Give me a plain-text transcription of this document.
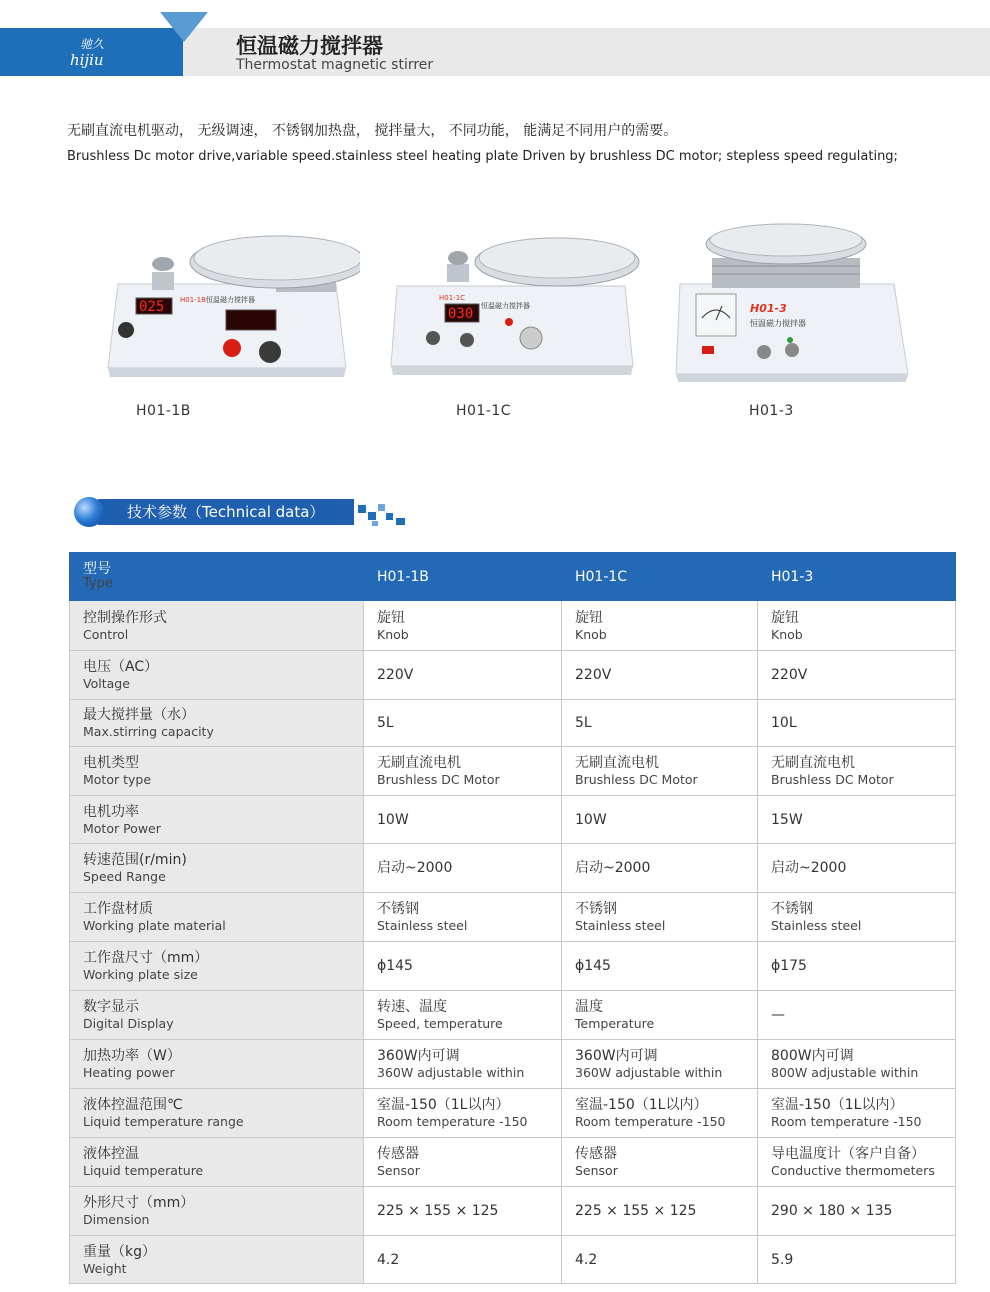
驰久
hijiu
恒温磁力搅拌器
Thermostat magnetic stirrer
无刷直流电机驱动， 无级调速， 不锈钢加热盘， 搅拌量大， 不同功能， 能满足不同用户的需要。
Brushless Dc motor drive,variable speed.stainless steel heating plate Driven by brushless DC motor; stepless speed regulating;
025 H01-1B 恒温磁力搅拌器
H01-1B
030
H01-1C
恒温磁力搅拌器
H01-1C
H01-3
恒温磁力搅拌器
H01-3
技术参数（Technical data）
型号
Type	H01-1B	H01-1C	H01-3

控制操作形式
Control	旋钮
Knob	旋钮
Knob	旋钮
Knob

电压（AC）
Voltage	220V	220V	220V

最大搅拌量（水）
Max.stirring capacity	5L	5L	10L

电机类型
Motor type	无刷直流电机
Brushless DC Motor	无刷直流电机
Brushless DC Motor	无刷直流电机
Brushless DC Motor

电机功率
Motor Power	10W	10W	15W

转速范围(r/min)
Speed Range	启动~2000	启动~2000	启动~2000

工作盘材质
Working plate material	不锈钢
Stainless steel	不锈钢
Stainless steel	不锈钢
Stainless steel

工作盘尺寸（mm）
Working plate size	ϕ145	ϕ145	ϕ175

数字显示
Digital Display	转速、温度
Speed, temperature	温度
Temperature	—

加热功率（W）
Heating power	360W内可调
360W adjustable within	360W内可调
360W adjustable within	800W内可调
800W adjustable within

液体控温范围℃
Liquid temperature range	室温-150（1L以内）
Room temperature -150	室温-150（1L以内）
Room temperature -150	室温-150（1L以内）
Room temperature -150

液体控温
Liquid temperature	传感器
Sensor	传感器
Sensor	导电温度计（客户自备）
Conductive thermometers

外形尺寸（mm）
Dimension	225 × 155 × 125	225 × 155 × 125	290 × 180 × 135

重量（kg）
Weight	4.2	4.2	5.9
